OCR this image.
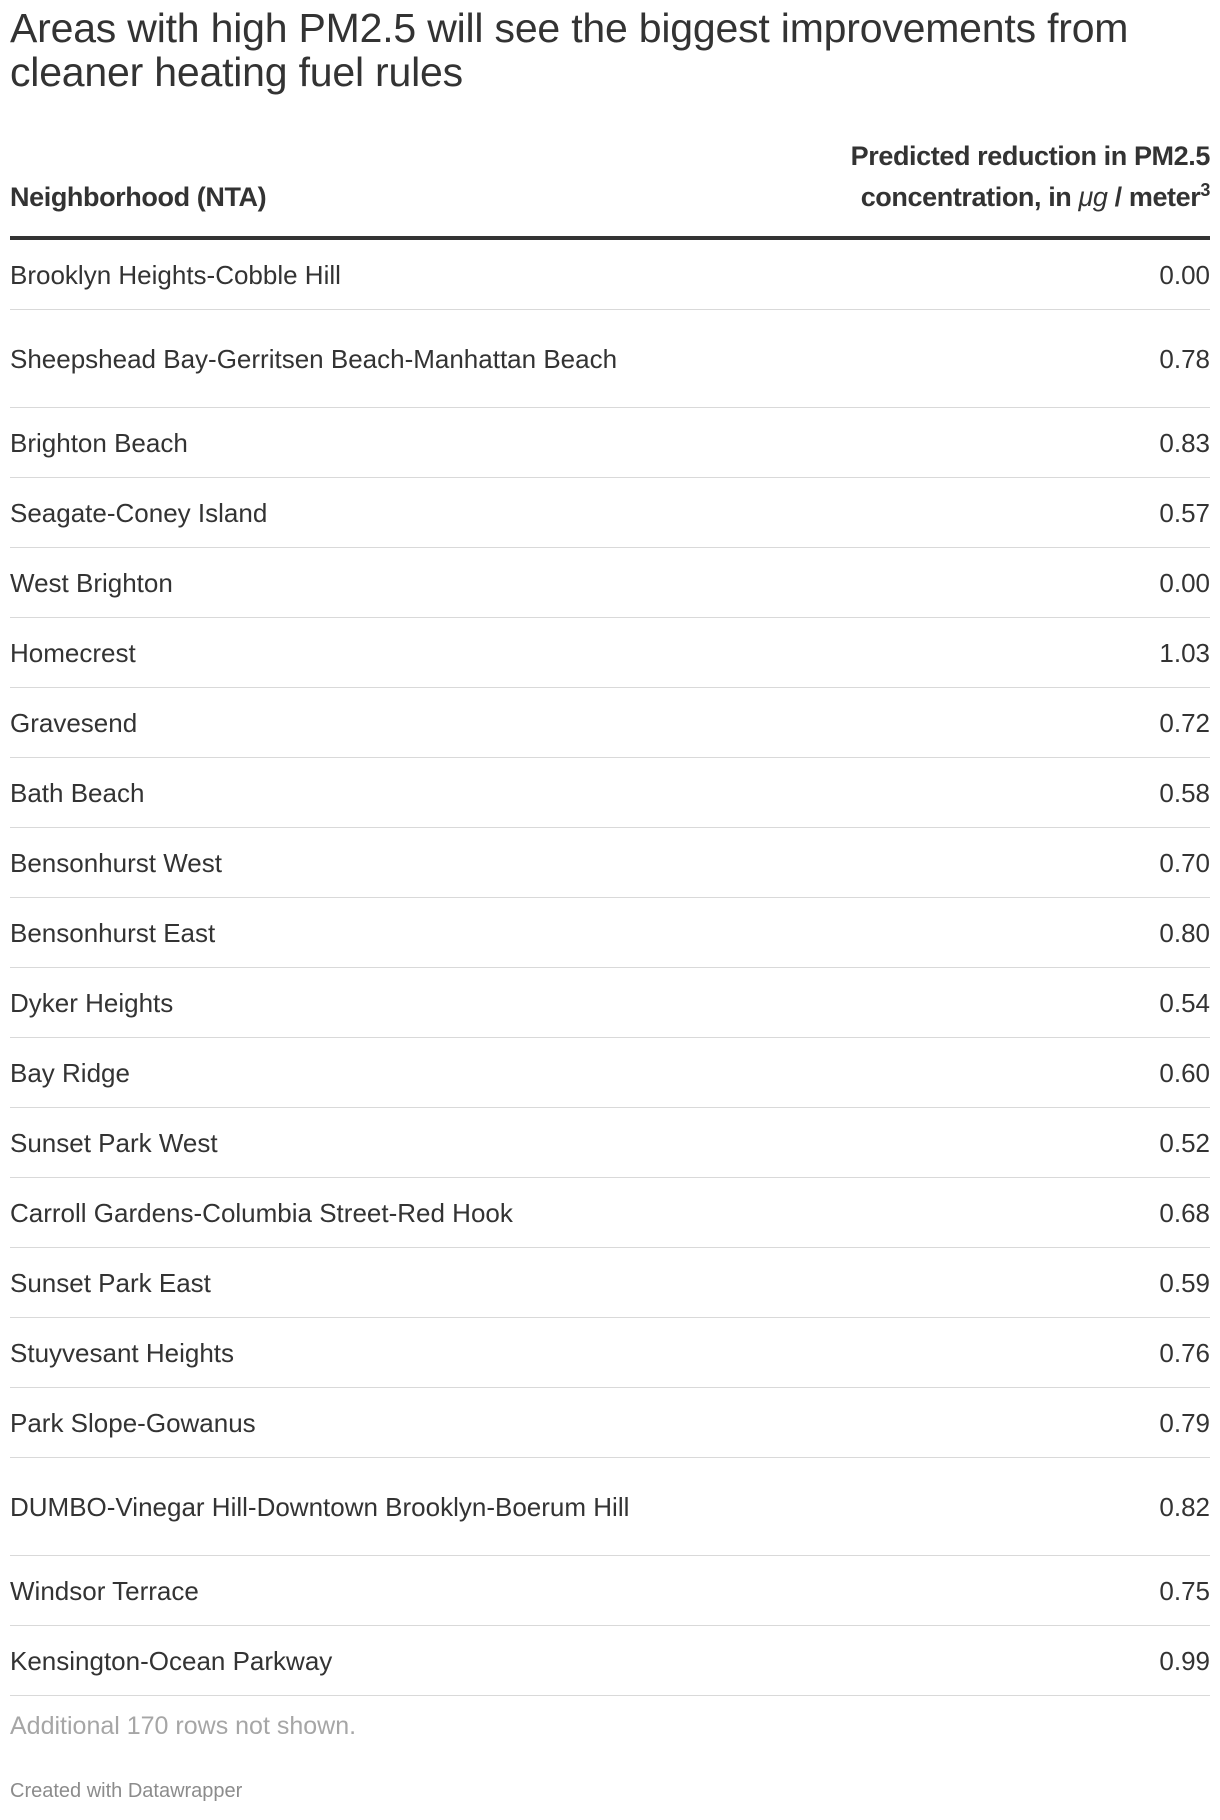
Areas with high PM2.5 will see the biggest improvements from cleaner heating fuel rules
Neighborhood (NTA)
Predicted reduction in PM2.5
concentration, in μg / meter$^3$
Brooklyn Heights-Cobble Hill	0.00
Sheepshead Bay-Gerritsen Beach-Manhattan Beach	0.78
Brighton Beach	0.83
Seagate-Coney Island	0.57
West Brighton	0.00
Homecrest	1.03
Gravesend	0.72
Bath Beach	0.58
Bensonhurst West	0.70
Bensonhurst East	0.80
Dyker Heights	0.54
Bay Ridge	0.60
Sunset Park West	0.52
Carroll Gardens-Columbia Street-Red Hook	0.68
Sunset Park East	0.59
Stuyvesant Heights	0.76
Park Slope-Gowanus	0.79
DUMBO-Vinegar Hill-Downtown Brooklyn-Boerum Hill	0.82
Windsor Terrace	0.75
Kensington-Ocean Parkway	0.99
Additional 170 rows not shown.
Created with Datawrapper
